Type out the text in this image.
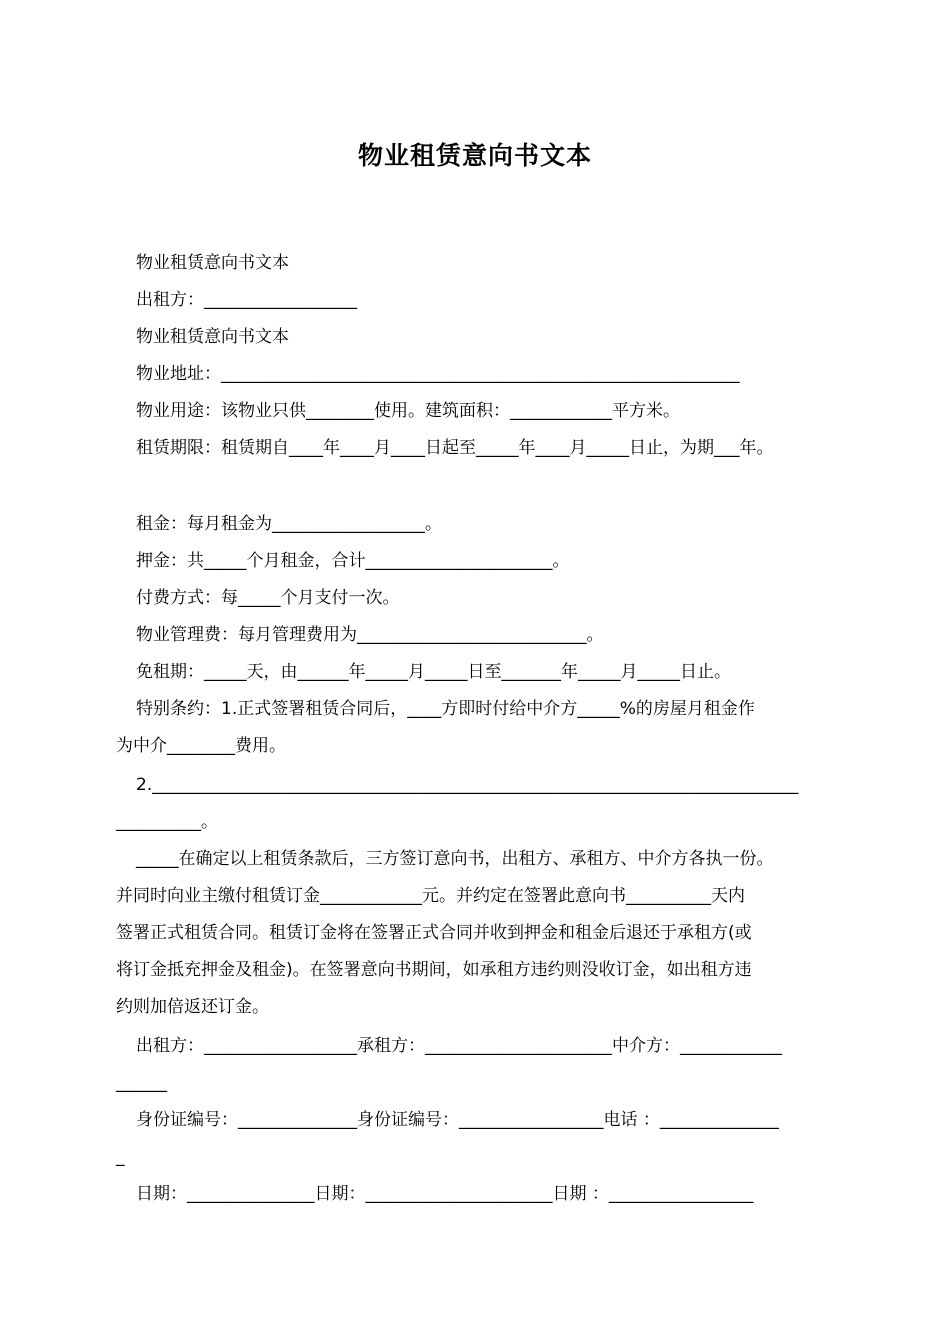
物业租赁意向书文本
物业租赁意向书文本
出租方：__________________
物业租赁意向书文本
物业地址：_____________________________________________________________
物业用途：该物业只供________使用。建筑面积：____________平方米。
租赁期限：租赁期自____年____月____日起至_____年____月_____日止，为期___年。
租金：每月租金为__________________。
押金：共_____个月租金，合计______________________。
付费方式：每_____个月支付一次。
物业管理费：每月管理费用为___________________________。
免租期：_____天，由______年_____月_____日至_______年_____月_____日止。
特别条约：1.正式签署租赁合同后，____方即时付给中介方_____%的房屋月租金作
为中介________费用。
2.____________________________________________________________________________
__________。
_____在确定以上租赁条款后，三方签订意向书，出租方、承租方、中介方各执一份。
并同时向业主缴付租赁订金____________元。并约定在签署此意向书__________天内
签署正式租赁合同。租赁订金将在签署正式合同并收到押金和租金后退还于承租方(或
将订金抵充押金及租金)。在签署意向书期间，如承租方违约则没收订金，如出租方违
约则加倍返还订金。
出租方：__________________承租方：______________________中介方：____________
______
身份证编号：______________身份证编号：_________________电话 ：______________
_
日期：_______________日期：______________________日期 ：_________________
